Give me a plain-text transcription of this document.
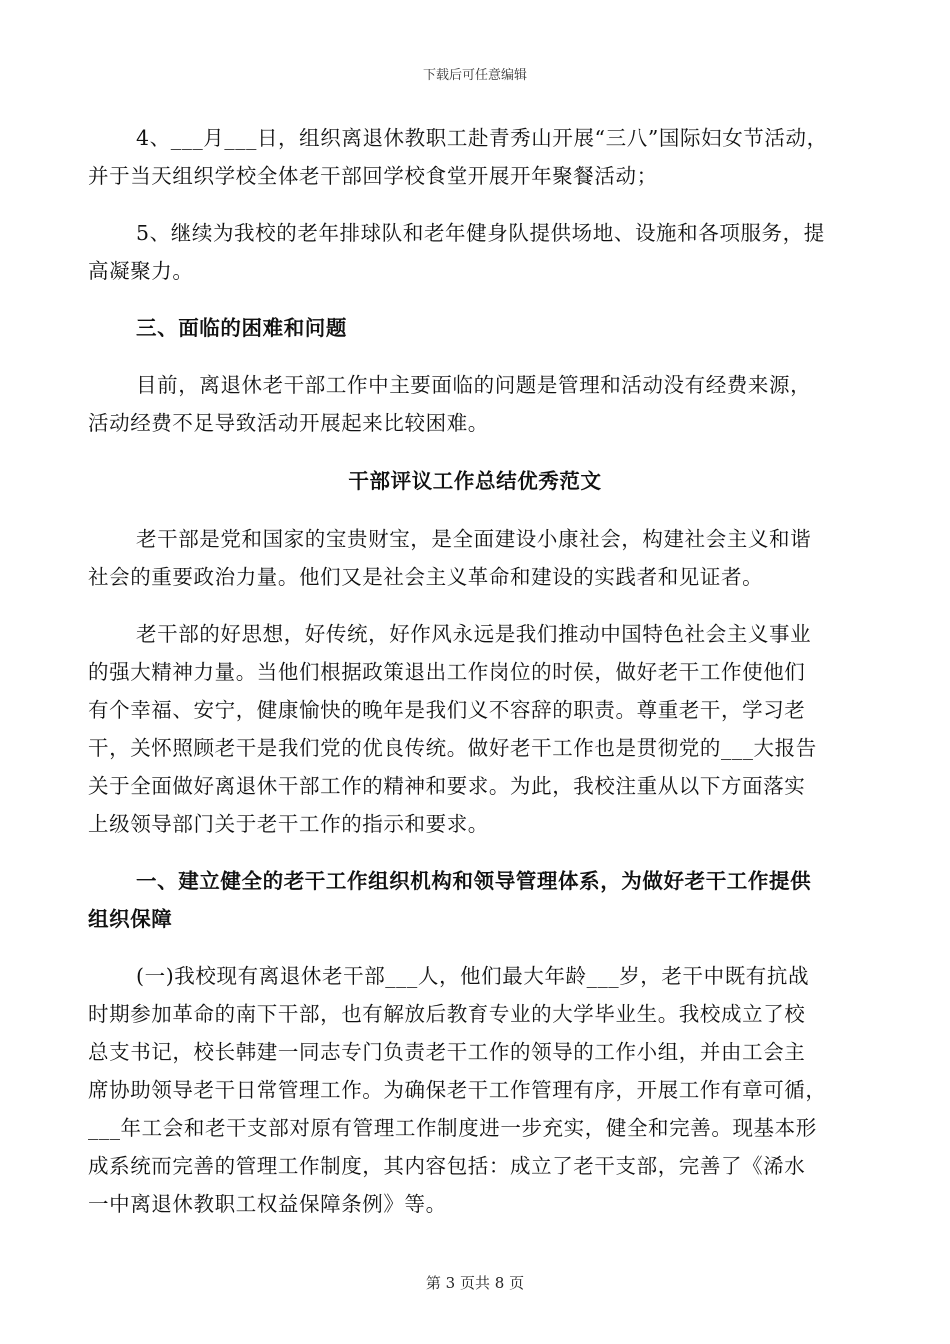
下载后可任意编辑
4、___月___日，组织离退休教职工赴青秀山开展“三八”国际妇女节活动，
并于当天组织学校全体老干部回学校食堂开展开年聚餐活动；
5、继续为我校的老年排球队和老年健身队提供场地、设施和各项服务，提
高凝聚力。
三、面临的困难和问题
目前，离退休老干部工作中主要面临的问题是管理和活动没有经费来源，
活动经费不足导致活动开展起来比较困难。
干部评议工作总结优秀范文
老干部是党和国家的宝贵财宝，是全面建设小康社会，构建社会主义和谐
社会的重要政治力量。他们又是社会主义革命和建设的实践者和见证者。
老干部的好思想，好传统，好作风永远是我们推动中国特色社会主义事业
的强大精神力量。当他们根据政策退出工作岗位的时侯，做好老干工作使他们
有个幸福、安宁，健康愉快的晚年是我们义不容辞的职责。尊重老干，学习老
干，关怀照顾老干是我们党的优良传统。做好老干工作也是贯彻党的___大报告
关于全面做好离退休干部工作的精神和要求。为此，我校注重从以下方面落实
上级领导部门关于老干工作的指示和要求。
一、建立健全的老干工作组织机构和领导管理体系，为做好老干工作提供
组织保障
(一)我校现有离退休老干部___人，他们最大年龄___岁，老干中既有抗战
时期参加革命的南下干部，也有解放后教育专业的大学毕业生。我校成立了校
总支书记，校长韩建一同志专门负责老干工作的领导的工作小组，并由工会主
席协助领导老干日常管理工作。为确保老干工作管理有序，开展工作有章可循，
___年工会和老干支部对原有管理工作制度进一步充实，健全和完善。现基本形
成系统而完善的管理工作制度，其内容包括：成立了老干支部，完善了《浠水
一中离退休教职工权益保障条例》等。
第 3 页共 8 页
